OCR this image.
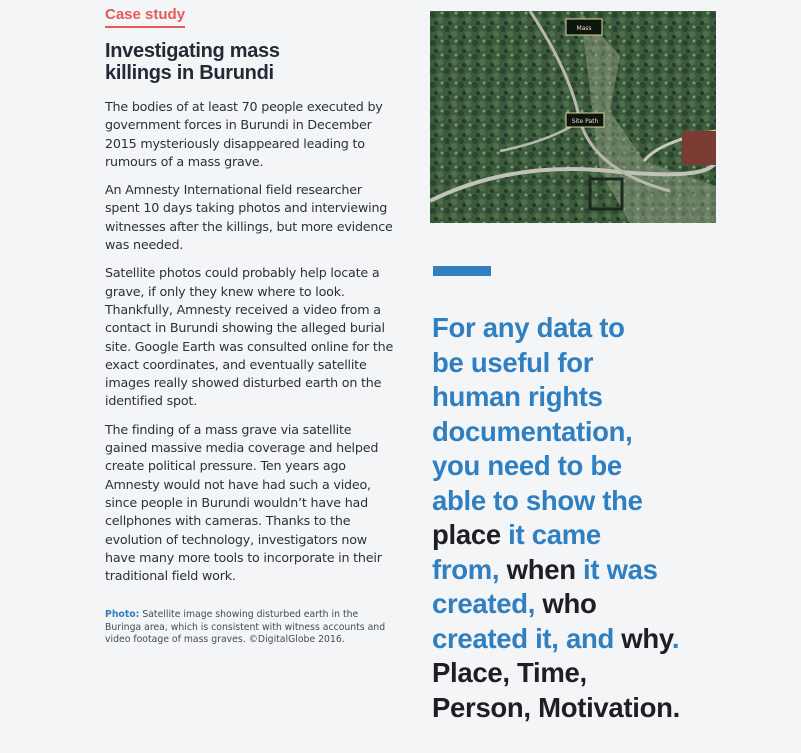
Case study
Investigating mass
killings in Burundi

The bodies of at least 70 people executed by government forces in Burundi in December 2015 mysteriously disappeared leading to rumours of a mass grave.

An Amnesty International field researcher spent 10 days taking photos and interviewing witnesses after the killings, but more evidence was needed.

Satellite photos could probably help locate a grave, if only they knew where to look. Thankfully, Amnesty received a video from a contact in Burundi showing the alleged burial site. Google Earth was consulted online for the exact coordinates, and eventually satellite images really showed disturbed earth on the identified spot.

The finding of a mass grave via satellite gained massive media coverage and helped create political pressure. Ten years ago Amnesty would not have had such a video, since people in Burundi wouldn’t have had cellphones with cameras. Thanks to the evolution of technology, investigators now have many more tools to incorporate in their traditional field work.

Photo: Satellite image showing disturbed earth in the Buringa area, which is consistent with witness accounts and video footage of mass graves. ©DigitalGlobe 2016.
Mass
Site Path
For any data to
be useful for
human rights
documentation,
you need to be
able to show the
place it came
from, when it was
created, who
created it, and why.
Place, Time,
Person, Motivation.
